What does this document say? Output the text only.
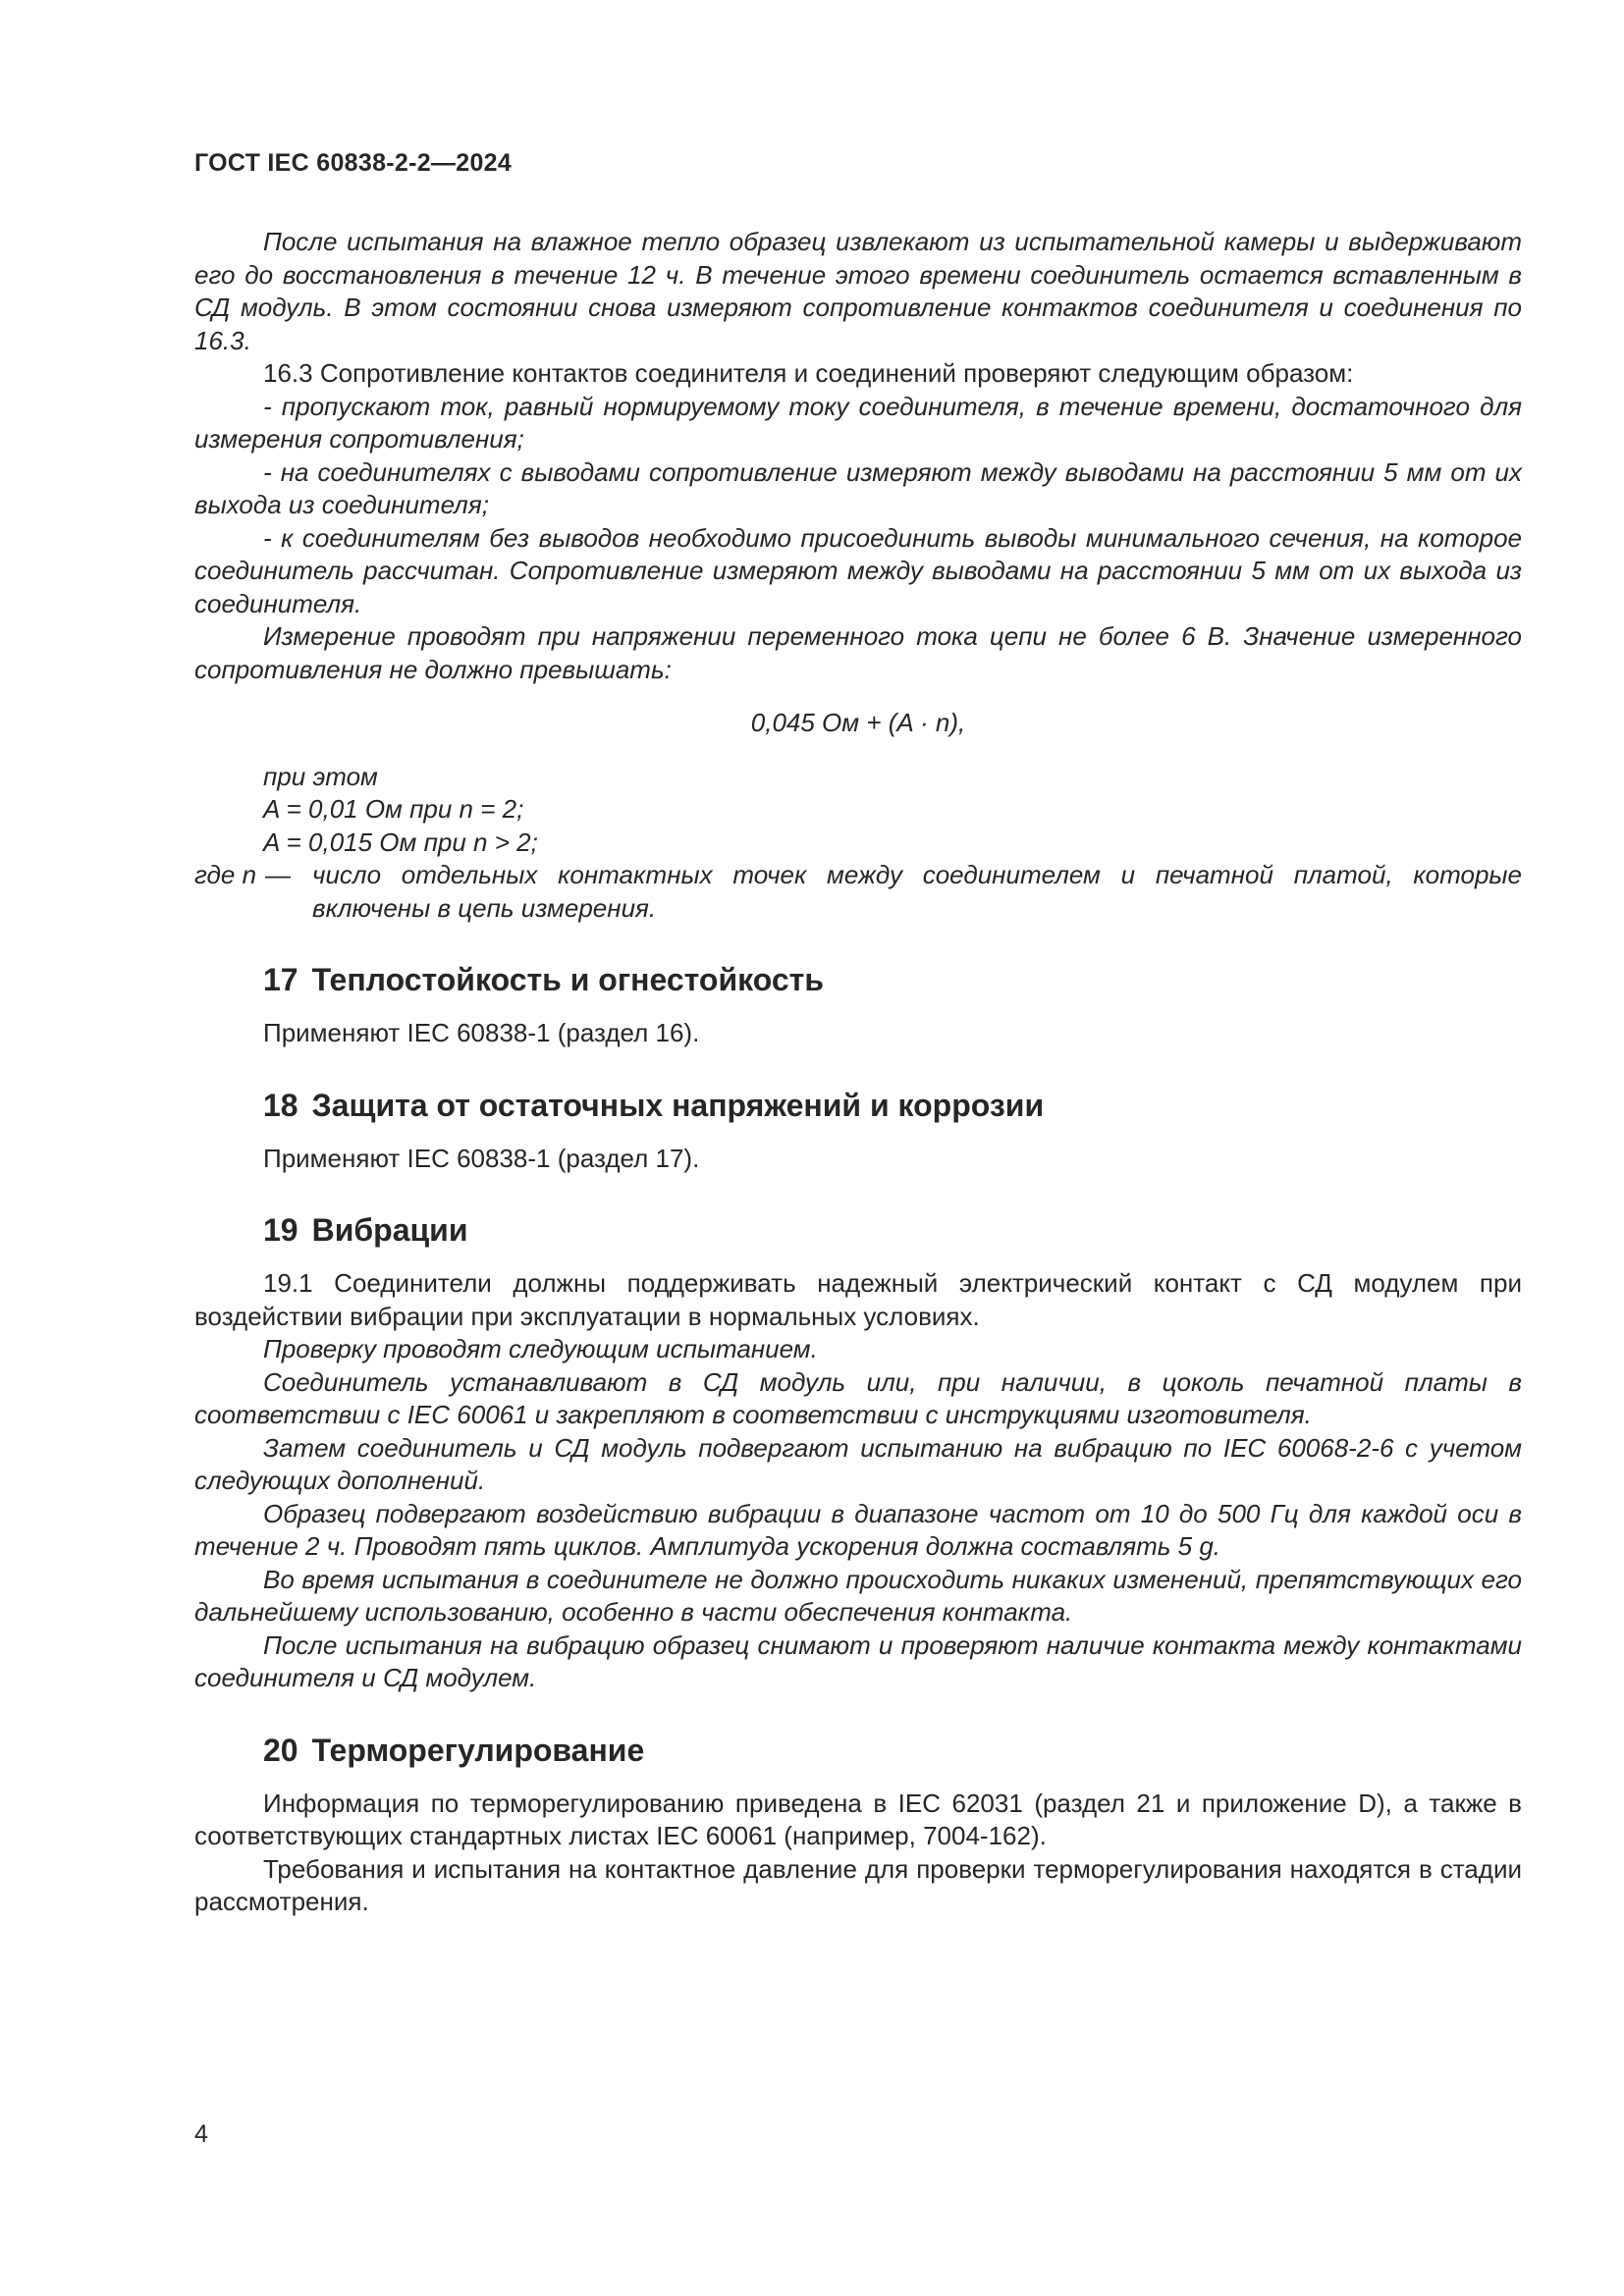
ГОСТ IEC 60838-2-2—2024

После испытания на влажное тепло образец извлекают из испытательной камеры и выдерживают его до восстановления в течение 12 ч. В течение этого времени соединитель остается вставленным в СД модуль. В этом состоянии снова измеряют сопротивление контактов соединителя и соединения по 16.3.

16.3 Сопротивление контактов соединителя и соединений проверяют следующим образом:

- пропускают ток, равный нормируемому току соединителя, в течение времени, достаточного для измерения сопротивления;

- на соединителях с выводами сопротивление измеряют между выводами на расстоянии 5 мм от их выхода из соединителя;

- к соединителям без выводов необходимо присоединить выводы минимального сечения, на которое соединитель рассчитан. Сопротивление измеряют между выводами на расстоянии 5 мм от их выхода из соединителя.

Измерение проводят при напряжении переменного тока цепи не более 6 В. Значение измеренного сопротивления не должно превышать:

0,045 Ом + (A · n),

при этом

A = 0,01 Ом при n = 2;

A = 0,015 Ом при n > 2;

где n — число отдельных контактных точек между соединителем и печатной платой, которые включены в цепь измерения.
17 Теплостойкость и огнестойкость

Применяют IEC 60838-1 (раздел 16).

18 Защита от остаточных напряжений и коррозии

Применяют IEC 60838-1 (раздел 17).

19 Вибрации

19.1 Соединители должны поддерживать надежный электрический контакт с СД модулем при воздействии вибрации при эксплуатации в нормальных условиях.

Проверку проводят следующим испытанием.

Соединитель устанавливают в СД модуль или, при наличии, в цоколь печатной платы в соответствии с IEC 60061 и закрепляют в соответствии с инструкциями изготовителя.

Затем соединитель и СД модуль подвергают испытанию на вибрацию по IEC 60068-2-6 с учетом следующих дополнений.

Образец подвергают воздействию вибрации в диапазоне частот от 10 до 500 Гц для каждой оси в течение 2 ч. Проводят пять циклов. Амплитуда ускорения должна составлять 5 g.

Во время испытания в соединителе не должно происходить никаких изменений, препятствующих его дальнейшему использованию, особенно в части обеспечения контакта.

После испытания на вибрацию образец снимают и проверяют наличие контакта между контактами соединителя и СД модулем.

20 Терморегулирование

Информация по терморегулированию приведена в IEC 62031 (раздел 21 и приложение D), а также в соответствующих стандартных листах IEC 60061 (например, 7004-162).

Требования и испытания на контактное давление для проверки терморегулирования находятся в стадии рассмотрения.

4
